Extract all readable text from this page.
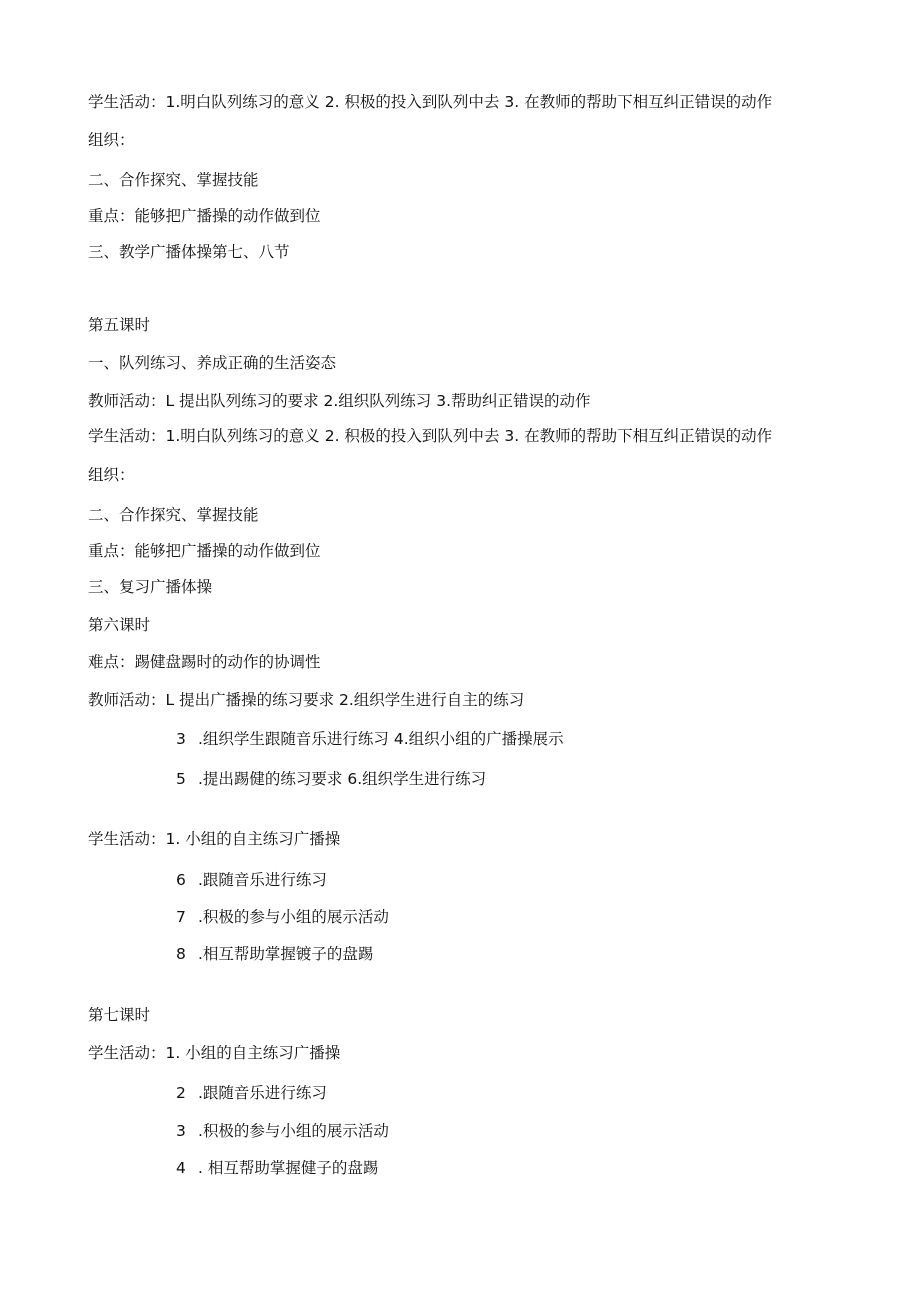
学生活动：1.明白队列练习的意义 2. 积极的投入到队列中去 3. 在教师的帮助下相互纠正错误的动作
组织：
二、合作探究、掌握技能
重点：能够把广播操的动作做到位
三、教学广播体操第七、八节
第五课时
一、队列练习、养成正确的生活姿态
教师活动：L 提出队列练习的要求 2.组织队列练习 3.帮助纠正错误的动作
学生活动：1.明白队列练习的意义 2. 积极的投入到队列中去 3. 在教师的帮助下相互纠正错误的动作
组织：
二、合作探究、掌握技能
重点：能够把广播操的动作做到位
三、复习广播体操
第六课时
难点：踢健盘踢时的动作的协调性
教师活动：L 提出广播操的练习要求 2.组织学生进行自主的练习
3 .组织学生跟随音乐进行练习 4.组织小组的广播操展示
5 .提出踢健的练习要求 6.组织学生进行练习
学生活动：1. 小组的自主练习广播操
6 .跟随音乐进行练习
7 .积极的参与小组的展示活动
8 .相互帮助掌握镀子的盘踢
第七课时
学生活动：1. 小组的自主练习广播操
2 .跟随音乐进行练习
3 .积极的参与小组的展示活动
4 . 相互帮助掌握健子的盘踢
